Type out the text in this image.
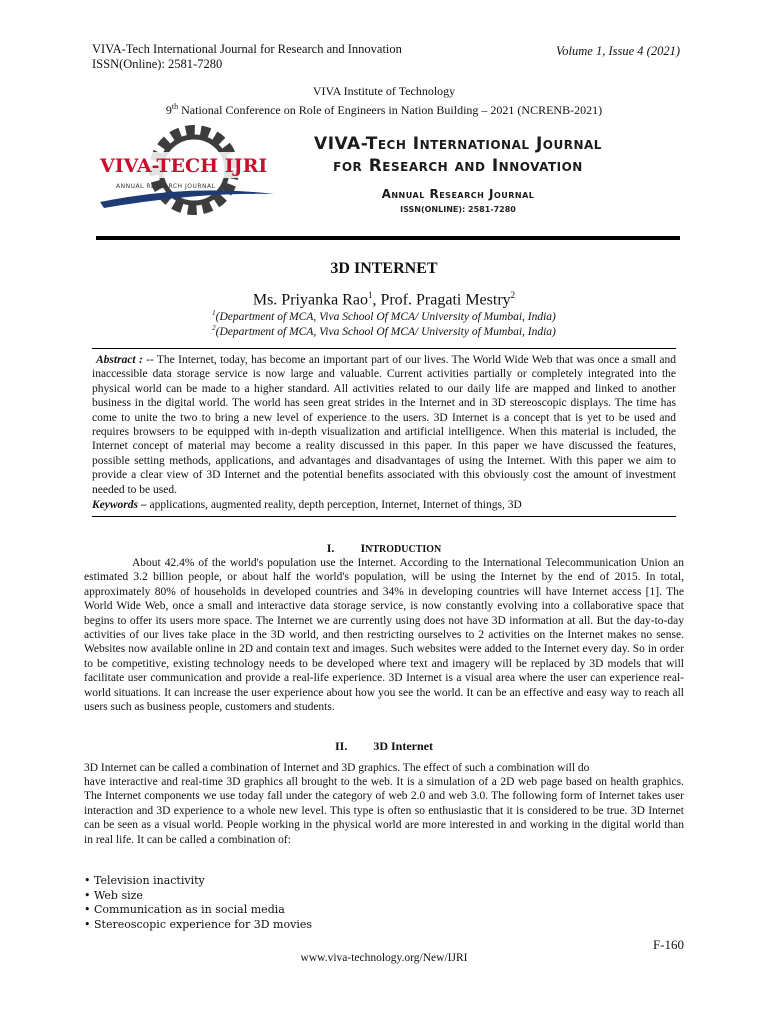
VIVA-Tech International Journal for Research and Innovation
ISSN(Online): 2581-7280
Volume 1, Issue 4 (2021)
VIVA Institute of Technology
9th National Conference on Role of Engineers in Nation Building – 2021 (NCRENB-2021)
VIVA-TECH IJRI
ANNUAL RESEARCH JOURNAL
VIVA-Tech International Journal
for Research and Innovation
Annual Research Journal
ISSN(ONLINE): 2581-7280
3D INTERNET
Ms. Priyanka Rao$^1$, Prof. Pragati Mestry$^2$
$^1$(Department of MCA, Viva School Of MCA/ University of Mumbai, India)
$^2$(Department of MCA, Viva School Of MCA/ University of Mumbai, India)
Abstract : -- The Internet, today, has become an important part of our lives. The World Wide Web that was once a small and inaccessible data storage service is now large and valuable. Current activities partially or completely integrated into the physical world can be made to a higher standard. All activities related to our daily life are mapped and linked to another business in the digital world. The world has seen great strides in the Internet and in 3D stereoscopic displays. The time has come to unite the two to bring a new level of experience to the users. 3D Internet is a concept that is yet to be used and requires browsers to be equipped with in-depth visualization and artificial intelligence. When this material is included, the Internet concept of material may become a reality discussed in this paper. In this paper we have discussed the features, possible setting methods, applications, and advantages and disadvantages of using the Internet. With this paper we aim to provide a clear view of 3D Internet and the potential benefits associated with this obviously cost the amount of investment needed to be used.
Keywords – applications, augmented reality, depth perception, Internet, Internet of things, 3D
I. INTRODUCTION
About 42.4% of the world's population use the Internet. According to the International Telecommunication Union an estimated 3.2 billion people, or about half the world's population, will be using the Internet by the end of 2015. In total, approximately 80% of households in developed countries and 34% in developing countries will have Internet access [1]. The World Wide Web, once a small and interactive data storage service, is now constantly evolving into a collaborative space that begins to offer its users more space. The Internet we are currently using does not have 3D information at all. But the day-to-day activities of our lives take place in the 3D world, and then restricting ourselves to 2 activities on the Internet makes no sense. Websites now available online in 2D and contain text and images. Such websites were added to the Internet every day. So in order to be competitive, existing technology needs to be developed where text and imagery will be replaced by 3D models that will facilitate user communication and provide a real-life experience. 3D Internet is a visual area where the user can experience real-world situations. It can increase the user experience about how you see the world. It can be an effective and easy way to reach all users such as business people, customers and students.
II. 3D Internet
3D Internet can be called a combination of Internet and 3D graphics. The effect of such a combination will do
have interactive and real-time 3D graphics all brought to the web. It is a simulation of a 2D web page based on health graphics. The Internet components we use today fall under the category of web 2.0 and web 3.0. The following form of Internet takes user interaction and 3D experience to a whole new level. This type is often so enthusiastic that it is considered to be true. 3D Internet can be seen as a visual world. People working in the physical world are more interested in and working in the digital world than in real life. It can be called a combination of:
• Television inactivity
• Web size
• Communication as in social media
• Stereoscopic experience for 3D movies
F-160
www.viva-technology.org/New/IJRI
